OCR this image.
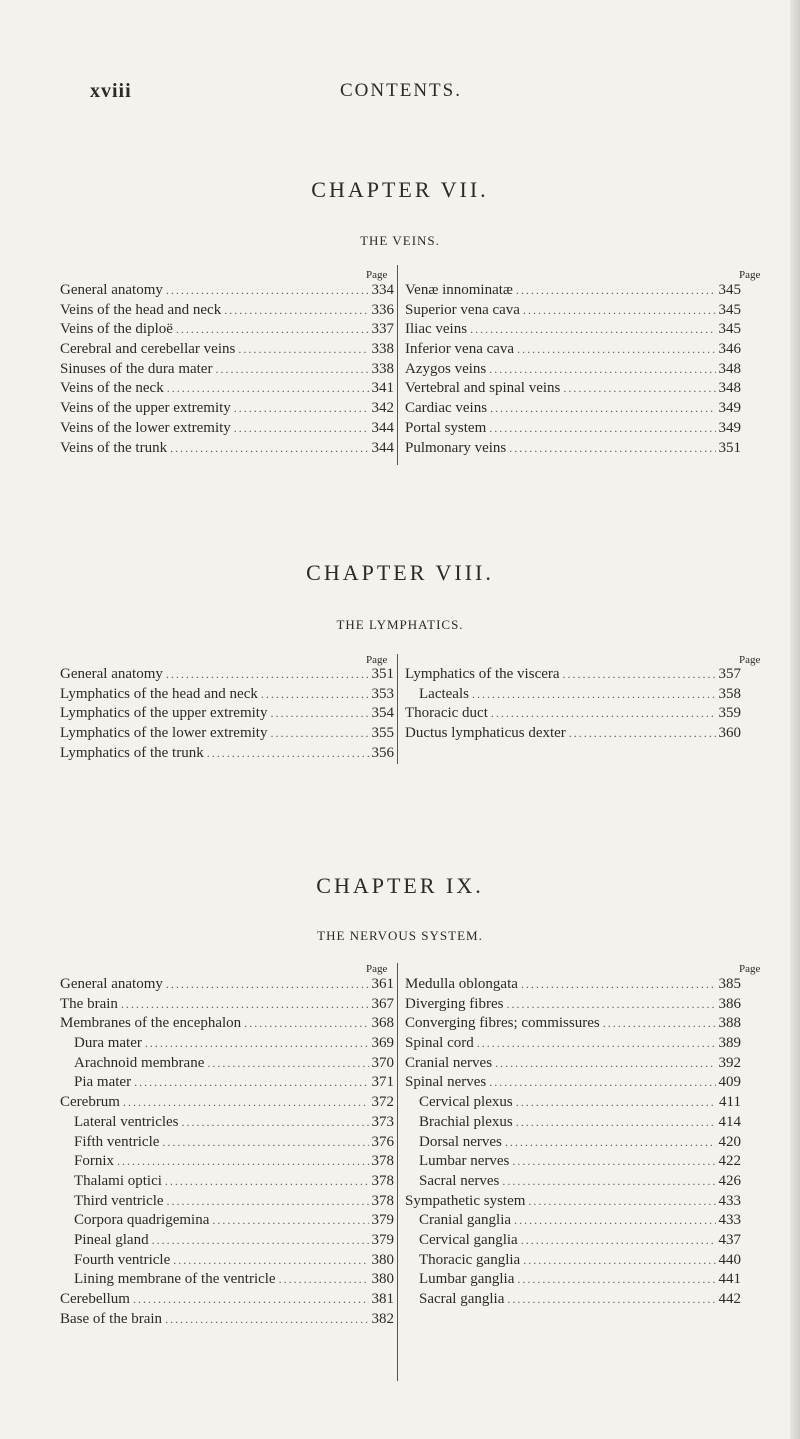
xviii	CONTENTS.
CHAPTER VII.
THE VEINS.
Page	Page
General anatomy .....	334
Veins of the head and neck .....	336
Veins of the diploë .....	337
Cerebral and cerebellar veins .....	338
Sinuses of the dura mater .....	338
Veins of the neck .....	341
Veins of the upper extremity .....	342
Veins of the lower extremity .....	344
Veins of the trunk .....	344
Venæ innominatæ .....	345
Superior vena cava .....	345
Iliac veins .....	345
Inferior vena cava .....	346
Azygos veins .....	348
Vertebral and spinal veins .....	348
Cardiac veins .....	349
Portal system .....	349
Pulmonary veins .....	351
CHAPTER VIII.
THE LYMPHATICS.
Page	Page
General anatomy .....	351
Lymphatics of the head and neck .....	353
Lymphatics of the upper extremity .....	354
Lymphatics of the lower extremity .....	355
Lymphatics of the trunk .....	356
Lymphatics of the viscera .....	357
Lacteals .....	358
Thoracic duct .....	359
Ductus lymphaticus dexter .....	360
CHAPTER IX.
THE NERVOUS SYSTEM.
Page	Page
General anatomy .....	361
The brain .....	367
Membranes of the encephalon .....	368
Dura mater .....	369
Arachnoid membrane .....	370
Pia mater .....	371
Cerebrum .....	372
Lateral ventricles .....	373
Fifth ventricle .....	376
Fornix .....	378
Thalami optici .....	378
Third ventricle .....	378
Corpora quadrigemina .....	379
Pineal gland .....	379
Fourth ventricle .....	380
Lining membrane of the ventricle .....	380
Cerebellum .....	381
Base of the brain .....	382
Medulla oblongata .....	385
Diverging fibres .....	386
Converging fibres; commissures .....	388
Spinal cord .....	389
Cranial nerves .....	392
Spinal nerves .....	409
Cervical plexus .....	411
Brachial plexus .....	414
Dorsal nerves .....	420
Lumbar nerves .....	422
Sacral nerves .....	426
Sympathetic system .....	433
Cranial ganglia .....	433
Cervical ganglia .....	437
Thoracic ganglia .....	440
Lumbar ganglia .....	441
Sacral ganglia .....	442
